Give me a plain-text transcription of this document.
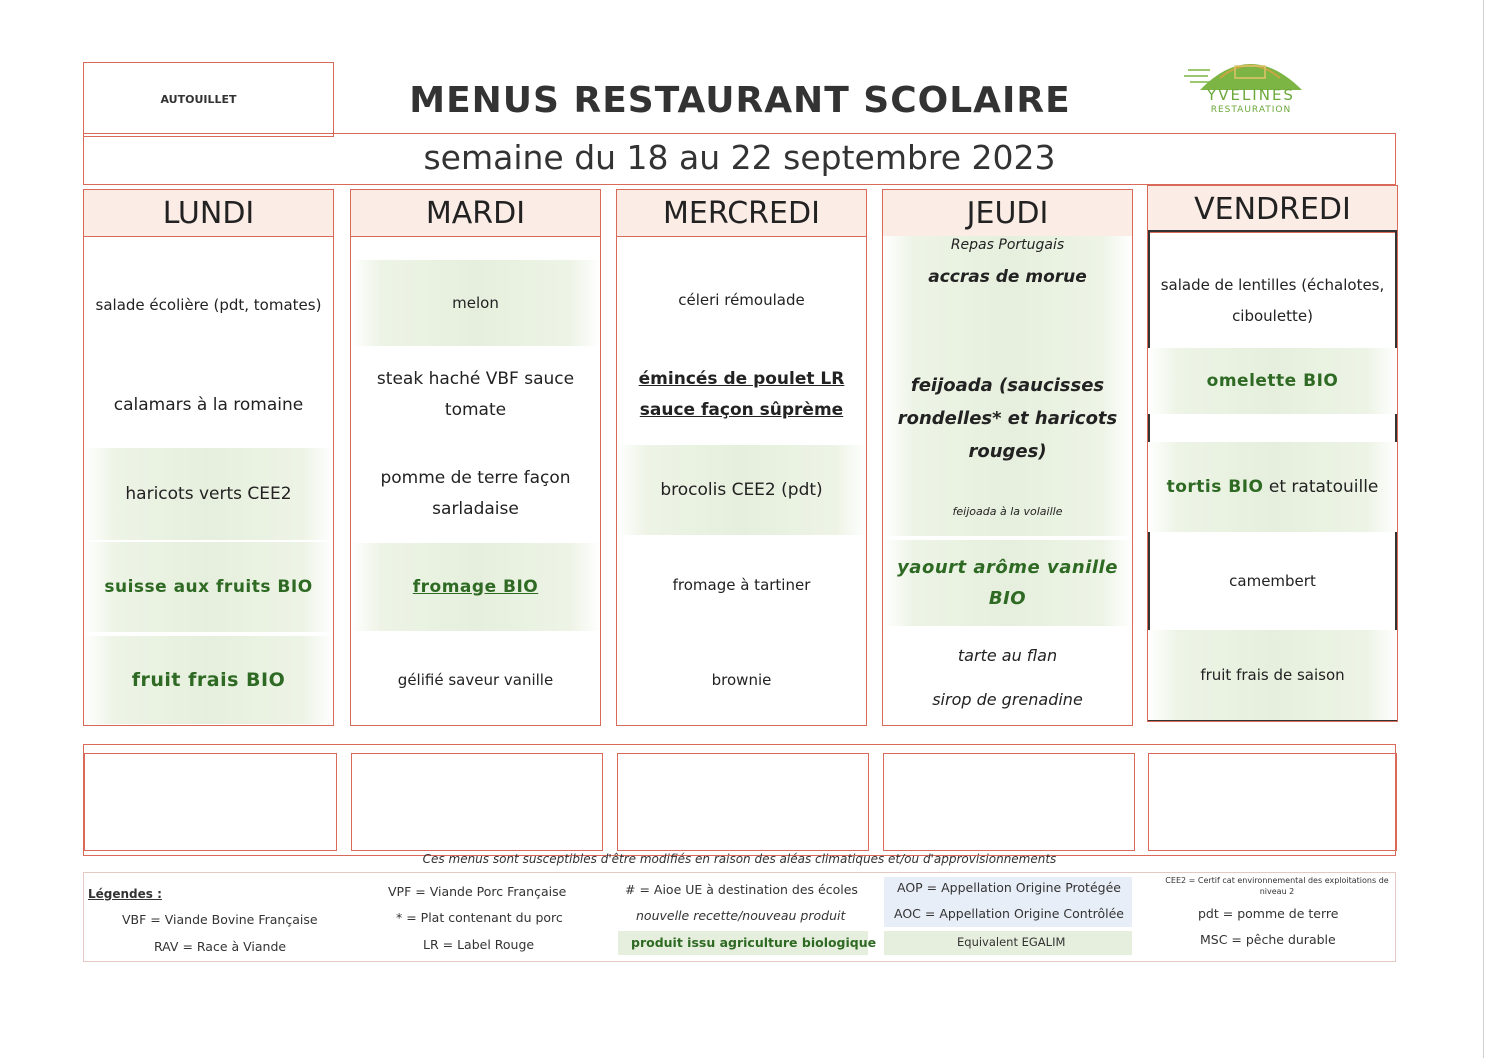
AUTOUILLET	MENUS RESTAURANT SCOLAIRE	YVELINES
RESTAURATION
semaine du 18 au 22 septembre 2023
LUNDI
salade écolière (pdt, tomates)
calamars à la romaine
haricots verts CEE2
suisse aux fruits BIO
fruit frais BIO
MARDI
melon
steak haché VBF sauce tomate
pomme de terre façon sarladaise
fromage BIO
gélifié saveur vanille
MERCREDI
céleri rémoulade
émincés de poulet LR
sauce façon sûprème
brocolis CEE2 (pdt)
fromage à tartiner
brownie
JEUDI
Repas Portugais
accras de morue
feijoada (saucisses rondelles* et haricots rouges)
feijoada à la volaille
yaourt arôme vanille BIO
tarte au flan
sirop de grenadine
VENDREDI
salade de lentilles (échalotes, ciboulette)
omelette BIO
tortis BIO
et ratatouille
camembert
fruit frais de saison
Ces menus sont susceptibles d'être modifiés en raison des aléas climatiques et/ou d'approvisionnements
Légendes :
VBF = Viande Bovine Française
RAV = Race à Viande
VPF = Viande Porc Française
* = Plat contenant du porc
LR = Label Rouge
# = Aioe UE à destination des écoles
nouvelle recette/nouveau produit
produit issu agriculture biologique
AOP = Appellation Origine Protégée
AOC = Appellation Origine Contrôlée
Equivalent EGALIM
CEE2 = Certif cat environnemental des exploitations de niveau 2
pdt = pomme de terre
MSC = pêche durable
